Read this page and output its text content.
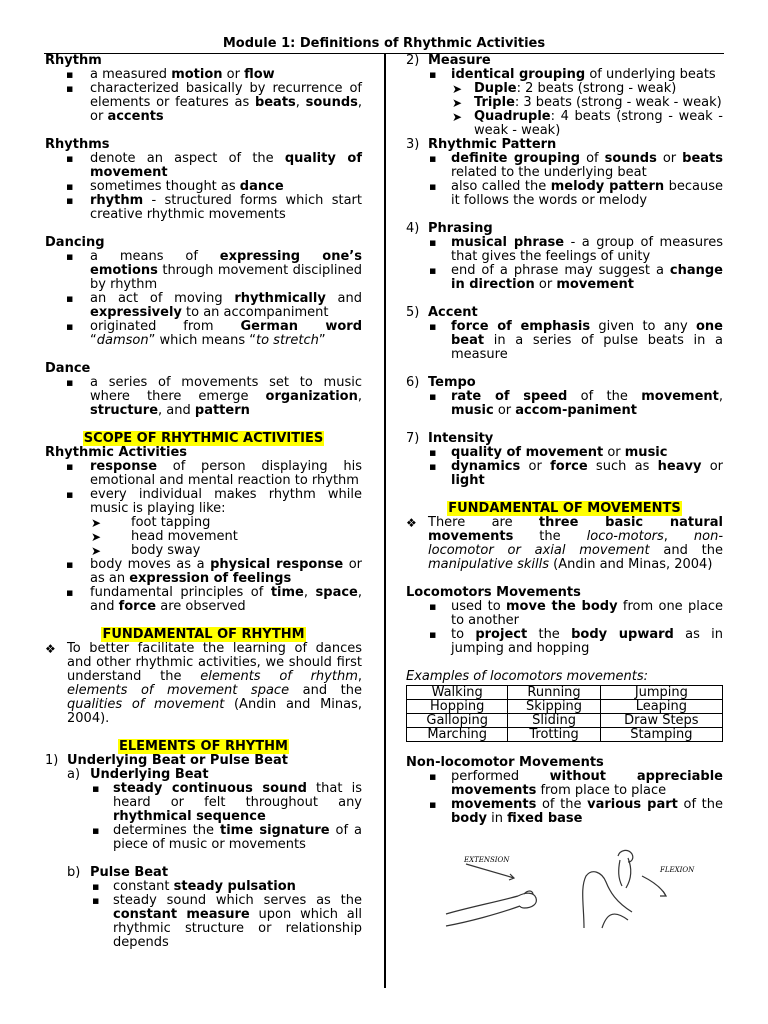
Module 1: Definitions of Rhythmic Activities

Rhythm

▪ a measured motion or flow

▪ characterized basically by recurrence of elements or features as beats, sounds, or accents

Rhythms

▪ denote an aspect of the quality of movement

▪ sometimes thought as dance

▪ rhythm - structured forms which start creative rhythmic movements

Dancing

▪ a means of expressing one’s emotions through movement disciplined by rhythm

▪ an act of moving rhythmically and expressively to an accompaniment

▪ originated from German word “damson” which means “to stretch”

Dance

▪ a series of movements set to music where there emerge organization, structure, and pattern

SCOPE OF RHYTHMIC ACTIVITIES

Rhythmic Activities

▪ response of person displaying his emotional and mental reaction to rhythm

▪ every individual makes rhythm while music is playing like:

➤ foot tapping

➤ head movement

➤ body sway

▪ body moves as a physical response or as an expression of feelings

▪ fundamental principles of time, space, and force are observed

FUNDAMENTAL OF RHYTHM

❖ To better facilitate the learning of dances and other rhythmic activities, we should first understand the elements of rhythm, elements of movement space and the qualities of movement (Andin and Minas, 2004).

ELEMENTS OF RHYTHM

1) Underlying Beat or Pulse Beat

a) Underlying Beat

▪ steady continuous sound that is heard or felt throughout any rhythmical sequence

▪ determines the time signature of a piece of music or movements

b) Pulse Beat

▪ constant steady pulsation

▪ steady sound which serves as the constant measure upon which all rhythmic structure or relationship depends

2) Measure

▪ identical grouping of underlying beats

➤ Duple: 2 beats (strong - weak)

➤ Triple: 3 beats (strong - weak - weak)

➤ Quadruple: 4 beats (strong - weak - weak - weak)

3) Rhythmic Pattern

▪ definite grouping of sounds or beats related to the underlying beat

▪ also called the melody pattern because it follows the words or melody

4) Phrasing

▪ musical phrase - a group of measures that gives the feelings of unity

▪ end of a phrase may suggest a change in direction or movement

5) Accent

▪ force of emphasis given to any one beat in a series of pulse beats in a measure

6) Tempo

▪ rate of speed of the movement, music or accom-paniment

7) Intensity

▪ quality of movement or music

▪ dynamics or force such as heavy or light

FUNDAMENTAL OF MOVEMENTS

❖ There are three basic natural movements the loco-motors, non-locomotor or axial movement and the manipulative skills (Andin and Minas, 2004)

Locomotors Movements

▪ used to move the body from one place to another

▪ to project the body upward as in jumping and hopping

Examples of locomotors movements:

Walking	Running	Jumping
Hopping	Skipping	Leaping
Galloping	Sliding	Draw Steps
Marching	Trotting	Stamping

Non-locomotor Movements

▪ performed without appreciable movements from place to place

▪ movements of the various part of the body in fixed base

EXTENSION
FLEXION
